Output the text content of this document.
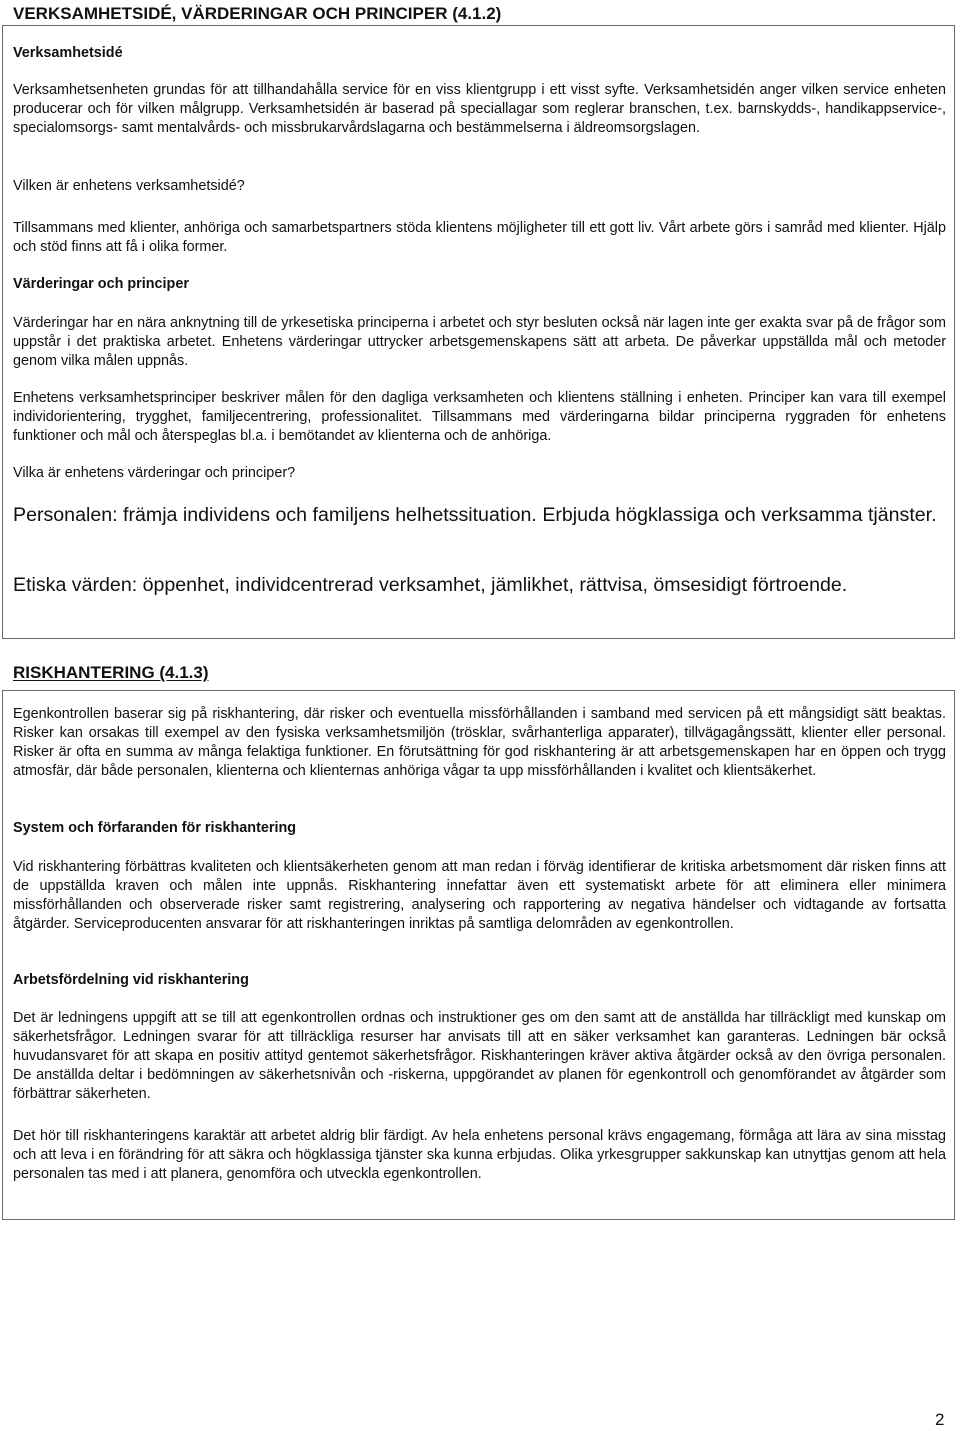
VERKSAMHETSIDÉ, VÄRDERINGAR OCH PRINCIPER (4.1.2)

Verksamhetsidé

Verksamhetsenheten grundas för att tillhandahålla service för en viss klientgrupp i ett visst syfte. Verksamhetsidén anger vilken service enheten producerar och för vilken målgrupp. Verksamhetsidén är baserad på speciallagar som reglerar branschen, t.ex. barnskydds-, handikappservice-, specialomsorgs- samt mentalvårds- och missbrukarvårdslagarna och bestämmelserna i äldreomsorgslagen.

Vilken är enhetens verksamhetsidé?

Tillsammans med klienter, anhöriga och samarbetspartners stöda klientens möjligheter till ett gott liv. Vårt arbete görs i samråd med klienter. Hjälp och stöd finns att få i olika former.

Värderingar och principer

Värderingar har en nära anknytning till de yrkesetiska principerna i arbetet och styr besluten också när lagen inte ger exakta svar på de frågor som uppstår i det praktiska arbetet. Enhetens värderingar uttrycker arbetsgemenskapens sätt att arbeta. De påverkar uppställda mål och metoder genom vilka målen uppnås.

Enhetens verksamhetsprinciper beskriver målen för den dagliga verksamheten och klientens ställning i enheten. Principer kan vara till exempel individorientering, trygghet, familjecentrering, professionalitet. Tillsammans med värderingarna bildar principerna ryggraden för enhetens funktioner och mål och återspeglas bl.a. i bemötandet av klienterna och de anhöriga.

Vilka är enhetens värderingar och principer?

Personalen: främja individens och familjens helhetssituation. Erbjuda högklassiga och verksamma tjänster.

Etiska värden: öppenhet, individcentrerad verksamhet, jämlikhet, rättvisa, ömsesidigt förtroende.

RISKHANTERING (4.1.3)

Egenkontrollen baserar sig på riskhantering, där risker och eventuella missförhållanden i samband med servicen på ett mångsidigt sätt beaktas. Risker kan orsakas till exempel av den fysiska verksamhetsmiljön (trösklar, svårhanterliga apparater), tillvägagångssätt, klienter eller personal. Risker är ofta en summa av många felaktiga funktioner. En förutsättning för god riskhantering är att arbetsgemenskapen har en öppen och trygg atmosfär, där både personalen, klienterna och klienternas anhöriga vågar ta upp missförhållanden i kvalitet och klientsäkerhet.

System och förfaranden för riskhantering

Vid riskhantering förbättras kvaliteten och klientsäkerheten genom att man redan i förväg identifierar de kritiska arbetsmoment där risken finns att de uppställda kraven och målen inte uppnås. Riskhantering innefattar även ett systematiskt arbete för att eliminera eller minimera missförhållanden och observerade risker samt registrering, analysering och rapportering av negativa händelser och vidtagande av fortsatta åtgärder. Serviceproducenten ansvarar för att riskhanteringen inriktas på samtliga delområden av egenkontrollen.

Arbetsfördelning vid riskhantering

Det är ledningens uppgift att se till att egenkontrollen ordnas och instruktioner ges om den samt att de anställda har tillräckligt med kunskap om säkerhetsfrågor. Ledningen svarar för att tillräckliga resurser har anvisats till att en säker verksamhet kan garanteras. Ledningen bär också huvudansvaret för att skapa en positiv attityd gentemot säkerhetsfrågor. Riskhanteringen kräver aktiva åtgärder också av den övriga personalen. De anställda deltar i bedömningen av säkerhetsnivån och -riskerna, uppgörandet av planen för egenkontroll och genomförandet av åtgärder som förbättrar säkerheten.

Det hör till riskhanteringens karaktär att arbetet aldrig blir färdigt. Av hela enhetens personal krävs engagemang, förmåga att lära av sina misstag och att leva i en förändring för att säkra och högklassiga tjänster ska kunna erbjudas. Olika yrkesgrupper sakkunskap kan utnyttjas genom att hela personalen tas med i att planera, genomföra och utveckla egenkontrollen.

2
